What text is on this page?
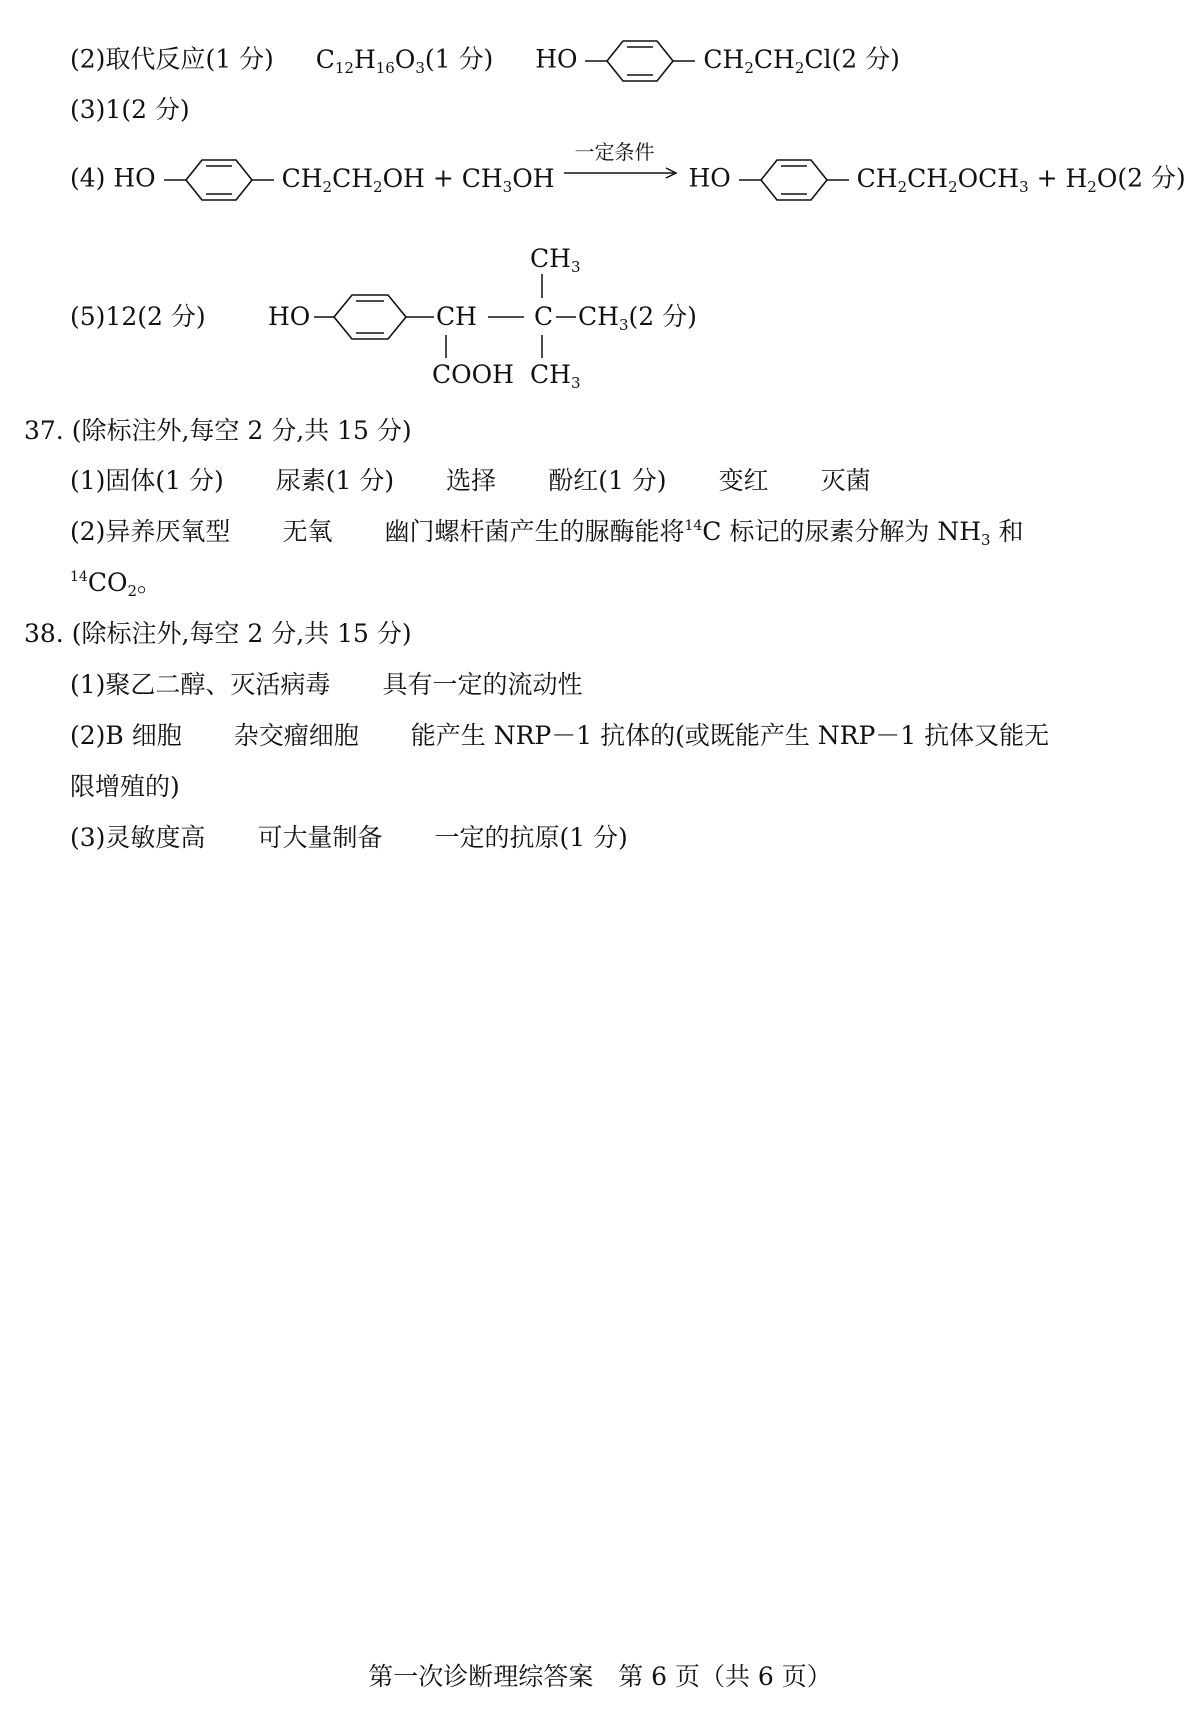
(2)取代反应(1 分) $C_{12}H_{16}O_3(1$ 分) HO	$CH_2CH_2Cl(2$ 分)
(3)1(2 分)
(4) HO	$CH_2CH_2OH + CH_3OH$
一定条件
HO	$CH_2CH_2OCH_3 + H_2O(2$ 分)
(5)12(2 分) HO	CH C
$CH_3$
$CH_3(2$ 分)
COOH $CH_3$
37. (除标注外,每空 2 分,共 15 分)
(1)固体(1 分) 尿素(1 分) 选择 酚红(1 分) 变红 灭菌
(2)异养厌氧型 无氧 幽门螺杆菌产生的脲酶能将$^{14}$C 标记的尿素分解为 $NH_3$ 和
$^{14}CO_2$。
38. (除标注外,每空 2 分,共 15 分)
(1)聚乙二醇、灭活病毒 具有一定的流动性
(2)B 细胞 杂交瘤细胞 能产生 NRP－1 抗体的(或既能产生 NRP－1 抗体又能无
限增殖的)
(3)灵敏度高 可大量制备 一定的抗原(1 分)
第一次诊断理综答案　第 6 页（共 6 页）
